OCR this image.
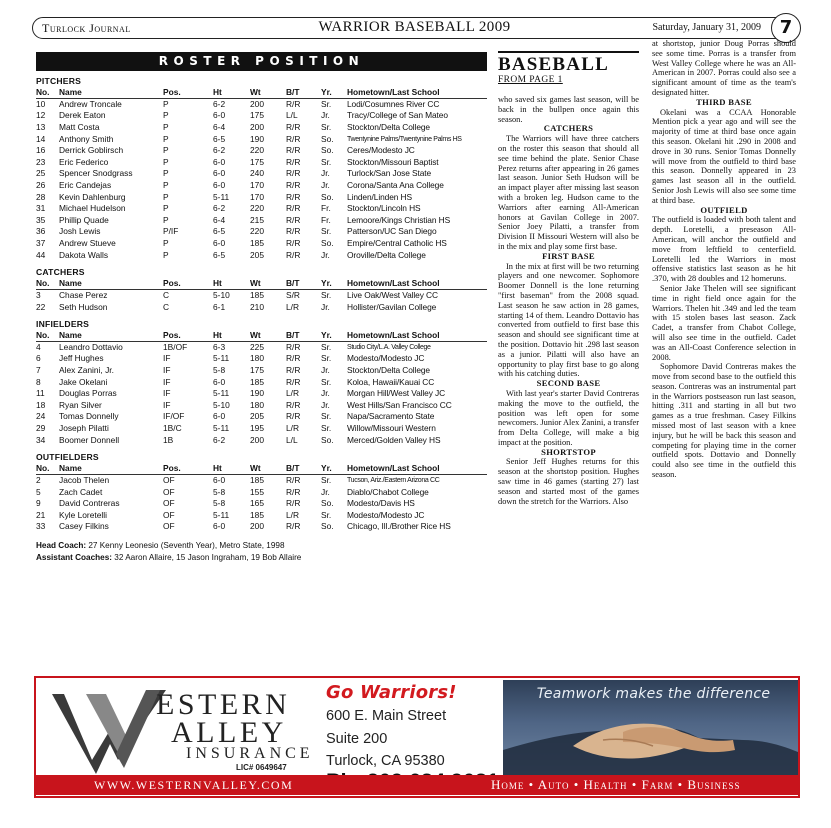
Turlock Journal	WARRIOR BASEBALL 2009	Saturday, January 31, 2009	7
ROSTER POSITION
PITCHERS
No.	Name	Pos.	Ht	Wt	B/T	Yr.	Hometown/Last School
10	Andrew Troncale	P	6-2	200	R/R	Sr.	Lodi/Cosumnes River CC
12	Derek Eaton	P	6-0	175	L/L	Jr.	Tracy/College of San Mateo
13	Matt Costa	P	6-4	200	R/R	Sr.	Stockton/Delta College
14	Anthony Smith	P	6-5	190	R/R	So.	Twentynine Palms/Twentynine Palms HS
16	Derrick Goblirsch	P	6-2	220	R/R	So.	Ceres/Modesto JC
23	Eric Federico	P	6-0	175	R/R	Sr.	Stockton/Missouri Baptist
25	Spencer Snodgrass	P	6-0	240	R/R	Jr.	Turlock/San Jose State
26	Eric Candejas	P	6-0	170	R/R	Jr.	Corona/Santa Ana College
28	Kevin Dahlenburg	P	5-11	170	R/R	So.	Linden/Linden HS
31	Michael Hudelson	P	6-2	220	R/R	Fr.	Stockton/Lincoln HS
35	Phillip Quade	P	6-4	215	R/R	Fr.	Lemoore/Kings Christian HS
36	Josh Lewis	P/IF	6-5	220	R/R	Sr.	Patterson/UC San Diego
37	Andrew Stueve	P	6-0	185	R/R	So.	Empire/Central Catholic HS
44	Dakota Walls	P	6-5	205	R/R	Jr.	Oroville/Delta College
CATCHERS
No.	Name	Pos.	Ht	Wt	B/T	Yr.	Hometown/Last School
3	Chase Perez	C	5-10	185	S/R	Sr.	Live Oak/West Valley CC
22	Seth Hudson	C	6-1	210	L/R	Jr.	Hollister/Gavilan College
INFIELDERS
No.	Name	Pos.	Ht	Wt	B/T	Yr.	Hometown/Last School
4	Leandro Dottavio	1B/OF	6-3	225	R/R	Sr.	Studio City/L.A. Valley College
6	Jeff Hughes	IF	5-11	180	R/R	Sr.	Modesto/Modesto JC
7	Alex Zanini, Jr.	IF	5-8	175	R/R	Jr.	Stockton/Delta College
8	Jake Okelani	IF	6-0	185	R/R	Sr.	Koloa, Hawaii/Kauai CC
11	Douglas Porras	IF	5-11	190	L/R	Jr.	Morgan Hill/West Valley JC
18	Ryan Silver	IF	5-10	180	R/R	Jr.	West Hills/San Francisco CC
24	Tomas Donnelly	IF/OF	6-0	205	R/R	Sr.	Napa/Sacramento State
29	Joseph Pilatti	1B/C	5-11	195	L/R	Sr.	Willow/Missouri Western
34	Boomer Donnell	1B	6-2	200	L/L	So.	Merced/Golden Valley HS
OUTFIELDERS
No.	Name	Pos.	Ht	Wt	B/T	Yr.	Hometown/Last School
2	Jacob Thelen	OF	6-0	185	R/R	Sr.	Tucson, Ariz./Eastern Arizona CC
5	Zach Cadet	OF	5-8	155	R/R	Jr.	Diablo/Chabot College
9	David Contreras	OF	5-8	165	R/R	So.	Modesto/Davis HS
21	Kyle Loretelli	OF	5-11	185	L/R	Sr.	Modesto/Modesto JC
33	Casey Filkins	OF	6-0	200	R/R	So.	Chicago, Ill./Brother Rice HS
Head Coach: 27 Kenny Leonesio (Seventh Year), Metro State, 1998
Assistant Coaches: 32 Aaron Allaire, 15 Jason Ingraham, 19 Bob Allaire
BASEBALL
FROM PAGE 1

who saved six games last season, will be back in the bullpen once again this season.

CATCHERS

The Warriors will have three catchers on the roster this season that should all see time behind the plate. Senior Chase Perez returns after appearing in 26 games last season. Junior Seth Hudson will be an impact player after missing last season with a broken leg. Hudson came to the Warriors after earning All-American honors at Gavilan College in 2007. Senior Joey Pilatti, a transfer from Division II Missouri Western will also be in the mix and play some first base.

FIRST BASE

In the mix at first will be two returning players and one newcomer. Sophomore Boomer Donnell is the lone returning "first baseman" from the 2008 squad. Last season he saw action in 28 games, starting 14 of them. Leandro Dottavio has converted from outfield to first base this season and should see significant time at the position. Dottavio hit .298 last season as a junior. Pilatti will also have an opportunity to play first base to go along with his catching duties.

SECOND BASE

With last year's starter David Contreras making the move to the outfield, the position was left open for some newcomers. Junior Alex Zanini, a transfer from Delta College, will make a big impact at the position.

SHORTSTOP

Senior Jeff Hughes returns for this season at the shortstop position. Hughes saw time in 46 games (starting 27) last season and started most of the games down the stretch for the Warriors. Also

at shortstop, junior Doug Porras should see some time. Porras is a transfer from West Valley College where he was an All-American in 2007. Porras could also see a significant amount of time as the team's designated hitter.

THIRD BASE

Okelani was a CCAA Honorable Mention pick a year ago and will see the majority of time at third base once again this season. Okelani hit .290 in 2008 and drove in 30 runs. Senior Tomas Donnelly will move from the outfield to third base this season. Donnelly appeared in 23 games last season all in the outfield. Senior Josh Lewis will also see some time at third base.

OUTFIELD

The outfield is loaded with both talent and depth. Loretelli, a preseason All-American, will anchor the outfield and move from leftfield to centerfield. Loretelli led the Warriors in most offensive statistics last season as he hit .370, with 28 doubles and 12 homeruns.

Senior Jake Thelen will see significant time in right field once again for the Warriors. Thelen hit .349 and led the team with 15 stolen bases last season. Zack Cadet, a transfer from Chabot College, will also see time in the outfield. Cadet was an All-Coast Conference selection in 2008.

Sophomore David Contreras makes the move from second base to the outfield this season. Contreras was an instrumental part in the Warriors postseason run last season, hitting .311 and starting in all but two games as a true freshman. Casey Filkins missed most of last season with a knee injury, but he will be back this season and competing for playing time in the corner outfield spots. Dottavio and Donnelly could also see time in the outfield this season.

ESTERN
ALLEY
INSURANCE
LIC# 0649647
Go Warriors!
600 E. Main Street
Suite 200
Turlock, CA 95380
Teamwork makes the difference
WWW.WESTERNVALLEY.COM	Home • Auto • Health • Farm • Business
